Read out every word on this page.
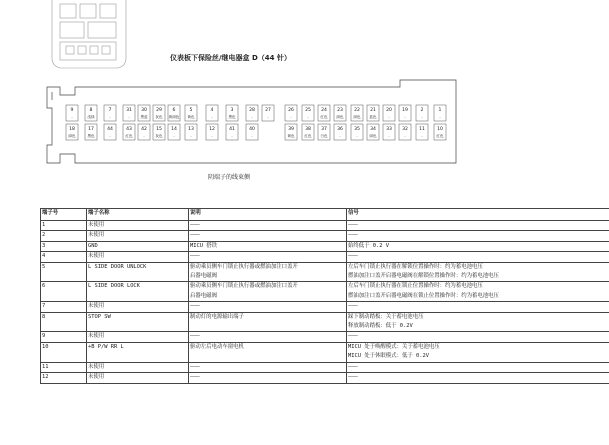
9
-
8
浅绿
7
-
31
-
30
黑蓝
29
灰色
6
黄绿色
5
黄色
4
-
3
黑色
28
-
27
-
26
-
25
-
24
红色
23
绿色
22
绿色
21
蓝色
20
-
19
-
2
-
1
-
18
绿色
17
黑色
44
-
43
红色
42
-
15
灰色
14
-
13
-
12
-
41
-
40
-
39
黄色
38
红色
37
白色
36
-
35
-
34
绿色
33
-
32
-
11
-
10
红色
仪表板下保险丝/继电器盒 D（44 针）
阴端子的线束侧
端子号	端子名称	说明	信号
1	未使用	———	———

2	未使用	———	———

3	GND	MICU 搭铁	始终低于 0.2 V

4	未使用	———	———

5	L SIDE DOOR UNLOCK	驱动乘员侧车门锁止执行器或燃油加注口盖开
启器电磁阀	左后车门锁止执行器在解锁位置操作时：约为蓄电池电压
燃油加注口盖开启器电磁阀在解锁位置操作时：约为蓄电池电压

6	L SIDE DOOR LOCK	驱动乘员侧车门锁止执行器或燃油加注口盖开
启器电磁阀	左后车门锁止执行器在锁止位置操作时：约为蓄电池电压
燃油加注口盖开启器电磁阀在锁止位置操作时：约为蓄电池电压

7	未使用	———	———

8	STOP SW	制动灯的电源输出端子	踩下制动踏板：关于蓄电池电压
释放制动踏板：低于 0.2V

9	未使用	———	———

10	+B P/W RR L	驱动左后电动车窗电机	MICU 处于唤醒模式：关于蓄电池电压
MICU 处于休眠模式：低于 0.2V

11	未使用	———	———

12	未使用	———	———
